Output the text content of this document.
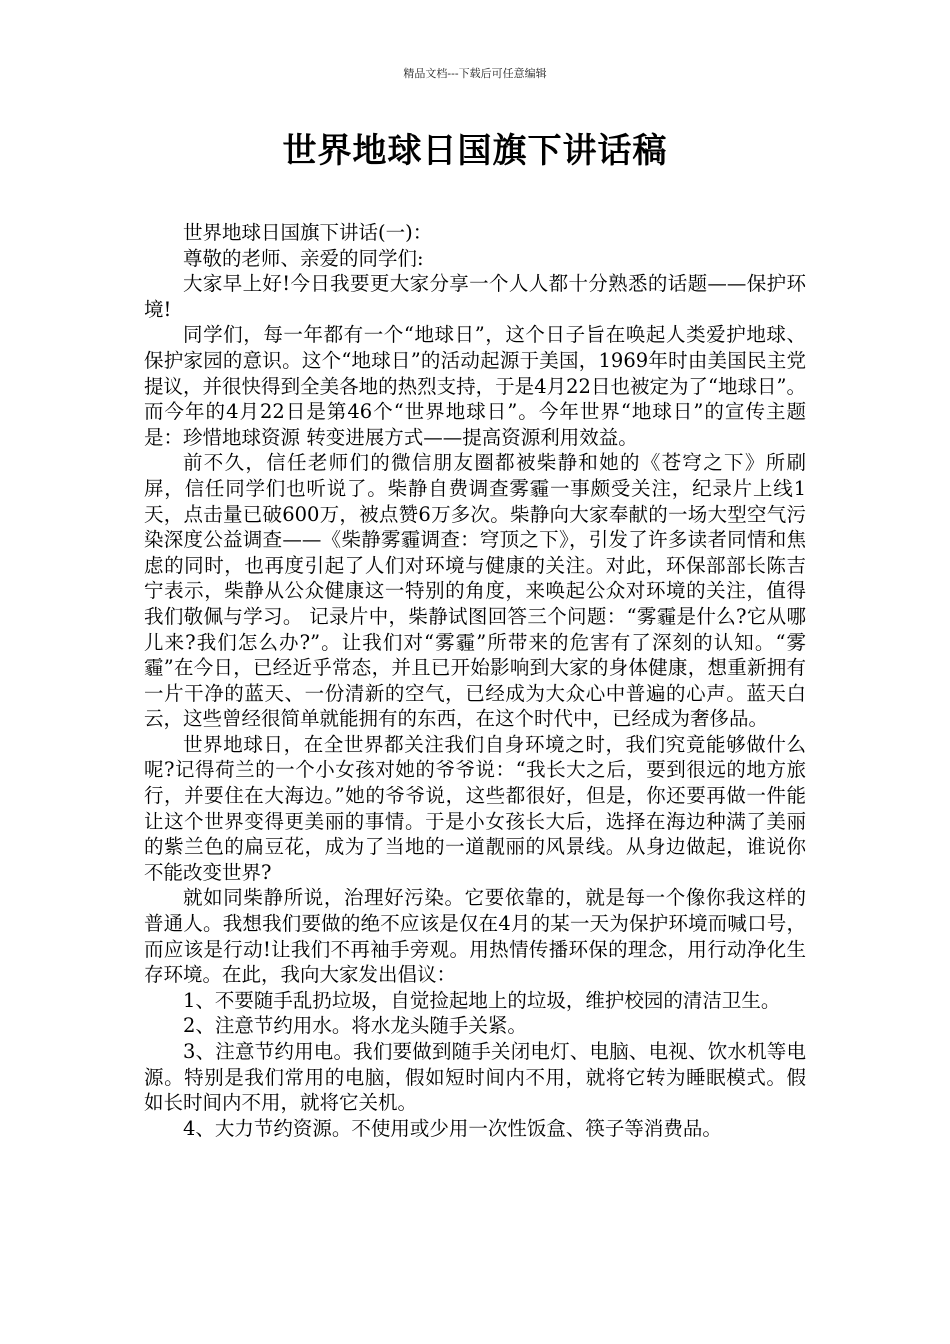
精品文档---下载后可任意编辑
世界地球日国旗下讲话稿

世界地球日国旗下讲话(一)：

尊敬的老师、亲爱的同学们:

大家早上好!今日我要更大家分享一个人人都十分熟悉的话题——保护环境!

同学们，每一年都有一个“地球日”，这个日子旨在唤起人类爱护地球、保护家园的意识。这个“地球日”的活动起源于美国，1969年时由美国民主党提议，并很快得到全美各地的热烈支持，于是4月22日也被定为了“地球日”。 而今年的4月22日是第46个“世界地球日”。今年世界“地球日”的宣传主题是：珍惜地球资源 转变进展方式——提高资源利用效益。

前不久，信任老师们的微信朋友圈都被柴静和她的《苍穹之下》所刷屏，信任同学们也听说了。柴静自费调查雾霾一事颇受关注，纪录片上线1天，点击量已破600万，被点赞6万多次。柴静向大家奉献的一场大型空气污染深度公益调查——《柴静雾霾调查：穹顶之下》，引发了许多读者同情和焦虑的同时，也再度引起了人们对环境与健康的关注。对此，环保部部长陈吉宁表示，柴静从公众健康这一特别的角度，来唤起公众对环境的关注，值得我们敬佩与学习。 记录片中，柴静试图回答三个问题：“雾霾是什么?它从哪儿来?我们怎么办?”。让我们对“雾霾”所带来的危害有了深刻的认知。“雾霾”在今日，已经近乎常态，并且已开始影响到大家的身体健康，想重新拥有一片干净的蓝天、一份清新的空气，已经成为大众心中普遍的心声。蓝天白云，这些曾经很简单就能拥有的东西，在这个时代中，已经成为奢侈品。

世界地球日，在全世界都关注我们自身环境之时，我们究竟能够做什么呢?记得荷兰的一个小女孩对她的爷爷说：“我长大之后，要到很远的地方旅行，并要住在大海边。”她的爷爷说，这些都很好，但是，你还要再做一件能让这个世界变得更美丽的事情。于是小女孩长大后，选择在海边种满了美丽的紫兰色的扁豆花，成为了当地的一道靓丽的风景线。从身边做起，谁说你不能改变世界?

就如同柴静所说，治理好污染。它要依靠的，就是每一个像你我这样的普通人。我想我们要做的绝不应该是仅在4月的某一天为保护环境而喊口号，而应该是行动!让我们不再袖手旁观。用热情传播环保的理念，用行动净化生存环境。在此，我向大家发出倡议：

1、不要随手乱扔垃圾，自觉捡起地上的垃圾，维护校园的清洁卫生。

2、注意节约用水。将水龙头随手关紧。

3、注意节约用电。我们要做到随手关闭电灯、电脑、电视、饮水机等电源。特别是我们常用的电脑，假如短时间内不用，就将它转为睡眠模式。假如长时间内不用，就将它关机。

4、大力节约资源。不使用或少用一次性饭盒、筷子等消费品。
